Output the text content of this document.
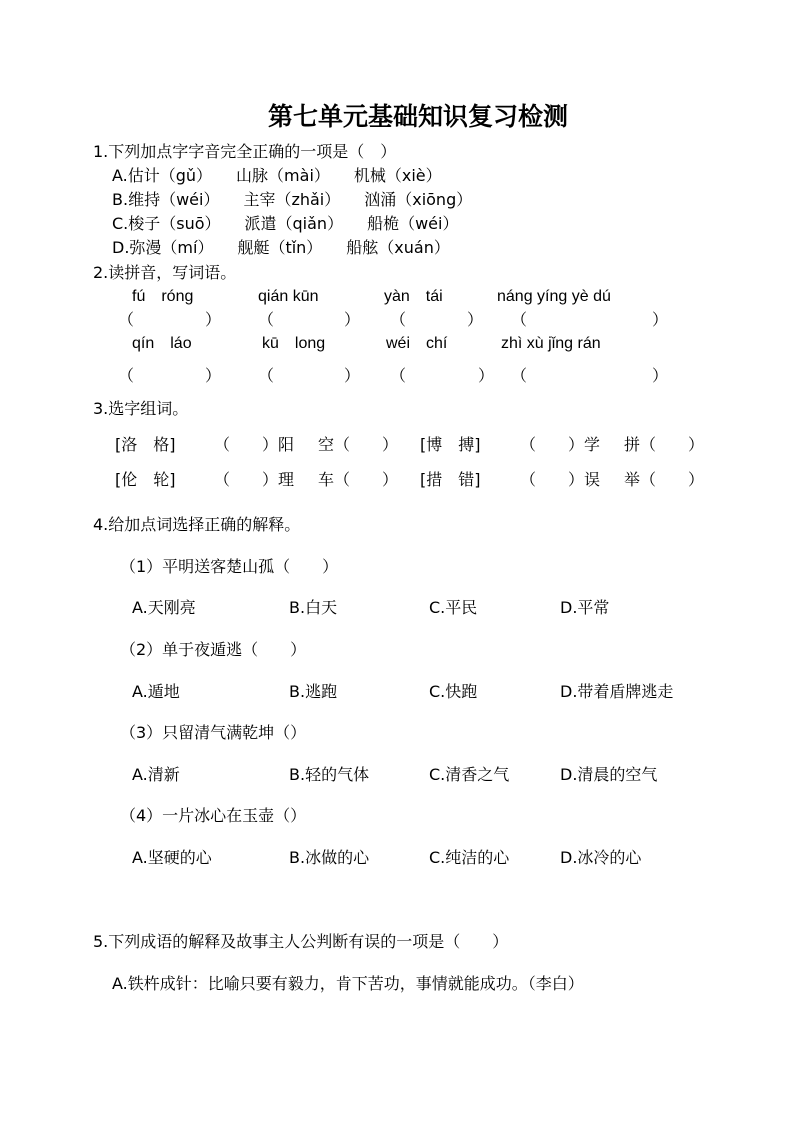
第七单元基础知识复习检测
1.下列加点字字音完全正确的一项是（　）
A.估计（gǔ）　　山脉（mài）　　机械（xiè）
B.维持（wéi）　　主宰（zhǎi）　　汹涌（xiōng）
C.梭子（suō）　　派遣（qiǎn）　　船桅（wéi）
D.弥漫（mí）　　舰艇（tǐn）　　船舷（xuán）
2.读拼音，写词语。
fú　róng	qián kūn	yàn　tái	náng yíng yè dú
（	） （	） （	） （	）
qín　láo	kū　long	wéi　chí	zhì xù jǐng rán
（	） （	） （	） （	）
3.选字组词。
[洛　格] （　　）阳 空（　　） [博　搏] （　　）学 拼（　　）
[伦　轮] （　　）理 车（　　） [措　错] （　　）误 举（　　）
4.给加点词选择正确的解释。
（1）平明送客楚山孤（　　）
A.天刚亮	B.白天	C.平民	D.平常
（2）单于夜遁逃（　　）
A.遁地	B.逃跑	C.快跑	D.带着盾牌逃走
（3）只留清气满乾坤（）
A.清新	B.轻的气体	C.清香之气	D.清晨的空气
（4）一片冰心在玉壶（）
A.坚硬的心	B.冰做的心	C.纯洁的心	D.冰冷的心
5.下列成语的解释及故事主人公判断有误的一项是（　　）
A.铁杵成针：比喻只要有毅力，肯下苦功，事情就能成功。（李白）
